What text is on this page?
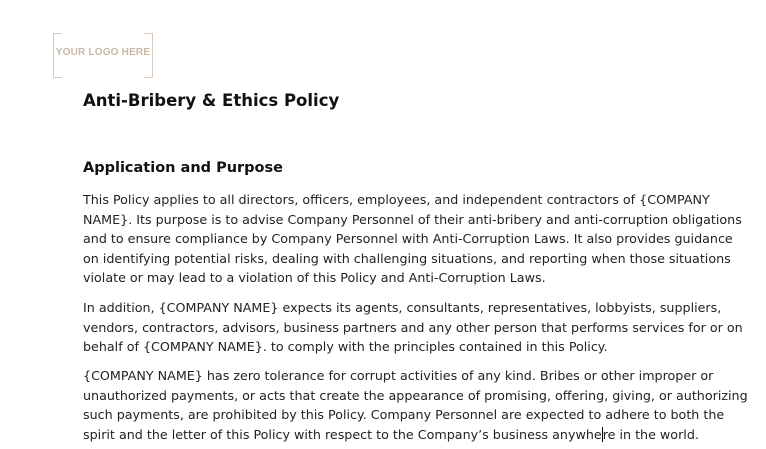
YOUR LOGO HERE
Anti-Bribery & Ethics Policy
Application and Purpose

This Policy applies to all directors, officers, employees, and independent contractors of {COMPANY
NAME}. Its purpose is to advise Company Personnel of their anti-bribery and anti-corruption obligations
and to ensure compliance by Company Personnel with Anti-Corruption Laws. It also provides guidance
on identifying potential risks, dealing with challenging situations, and reporting when those situations
violate or may lead to a violation of this Policy and Anti-Corruption Laws.

In addition, {COMPANY NAME} expects its agents, consultants, representatives, lobbyists, suppliers,
vendors, contractors, advisors, business partners and any other person that performs services for or on
behalf of {COMPANY NAME}. to comply with the principles contained in this Policy.

{COMPANY NAME} has zero tolerance for corrupt activities of any kind. Bribes or other improper or
unauthorized payments, or acts that create the appearance of promising, offering, giving, or authorizing
such payments, are prohibited by this Policy. Company Personnel are expected to adhere to both the
spirit and the letter of this Policy with respect to the Company’s business anywhere in the world.
